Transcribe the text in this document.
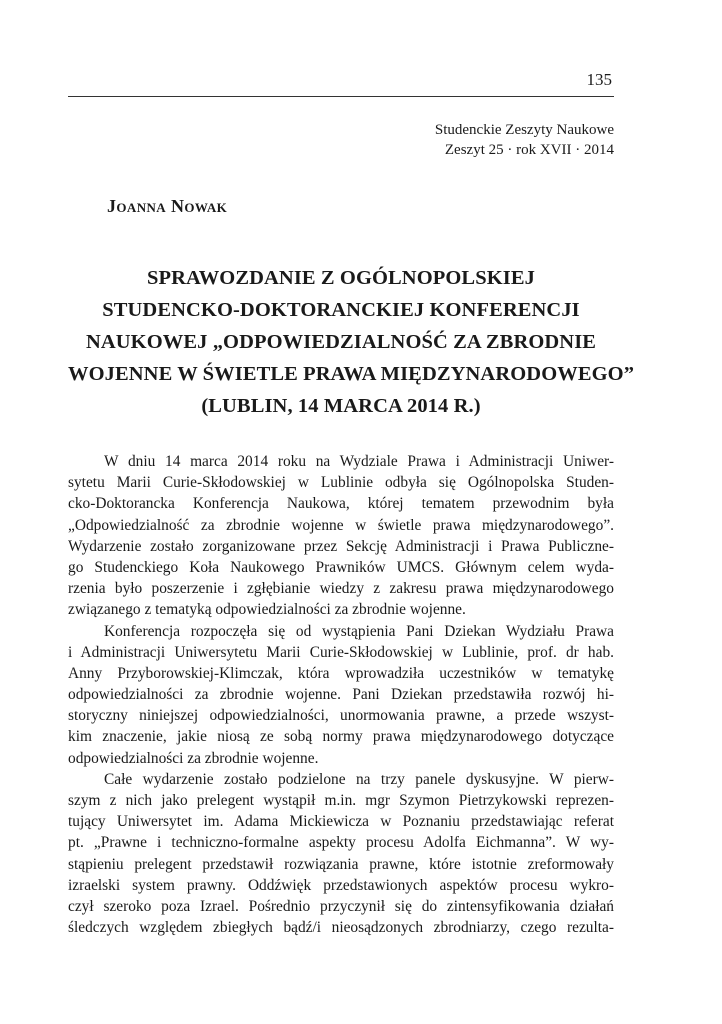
135
Studenckie Zeszyty Naukowe
Zeszyt 25 · rok XVII · 2014
Joanna Nowak
SPRAWOZDANIE Z OGÓLNOPOLSKIEJ
STUDENCKO-DOKTORANCKIEJ KONFERENCJI
NAUKOWEJ „ODPOWIEDZIALNOŚĆ ZA ZBRODNIE
WOJENNE W ŚWIETLE PRAWA MIĘDZYNARODOWEGO”
(LUBLIN, 14 MARCA 2014 R.)
W dniu 14 marca 2014 roku na Wydziale Prawa i Administracji Uniwer-
sytetu Marii Curie-Skłodowskiej w Lublinie odbyła się Ogólnopolska Studen-
cko-Doktorancka Konferencja Naukowa, której tematem przewodnim była
„Odpowiedzialność za zbrodnie wojenne w świetle prawa międzynarodowego”.
Wydarzenie zostało zorganizowane przez Sekcję Administracji i Prawa Publiczne-
go Studenckiego Koła Naukowego Prawników UMCS. Głównym celem wyda-
rzenia było poszerzenie i zgłębianie wiedzy z zakresu prawa międzynarodowego
związanego z tematyką odpowiedzialności za zbrodnie wojenne.
Konferencja rozpoczęła się od wystąpienia Pani Dziekan Wydziału Prawa
i Administracji Uniwersytetu Marii Curie-Skłodowskiej w Lublinie, prof. dr hab.
Anny Przyborowskiej-Klimczak, która wprowadziła uczestników w tematykę
odpowiedzialności za zbrodnie wojenne. Pani Dziekan przedstawiła rozwój hi-
storyczny niniejszej odpowiedzialności, unormowania prawne, a przede wszyst-
kim znaczenie, jakie niosą ze sobą normy prawa międzynarodowego dotyczące
odpowiedzialności za zbrodnie wojenne.
Całe wydarzenie zostało podzielone na trzy panele dyskusyjne. W pierw-
szym z nich jako prelegent wystąpił m.in. mgr Szymon Pietrzykowski reprezen-
tujący Uniwersytet im. Adama Mickiewicza w Poznaniu przedstawiając referat
pt. „Prawne i techniczno-formalne aspekty procesu Adolfa Eichmanna”. W wy-
stąpieniu prelegent przedstawił rozwiązania prawne, które istotnie zreformowały
izraelski system prawny. Oddźwięk przedstawionych aspektów procesu wykro-
czył szeroko poza Izrael. Pośrednio przyczynił się do zintensyfikowania działań
śledczych względem zbiegłych bądź/i nieosądzonych zbrodniarzy, czego rezulta-
